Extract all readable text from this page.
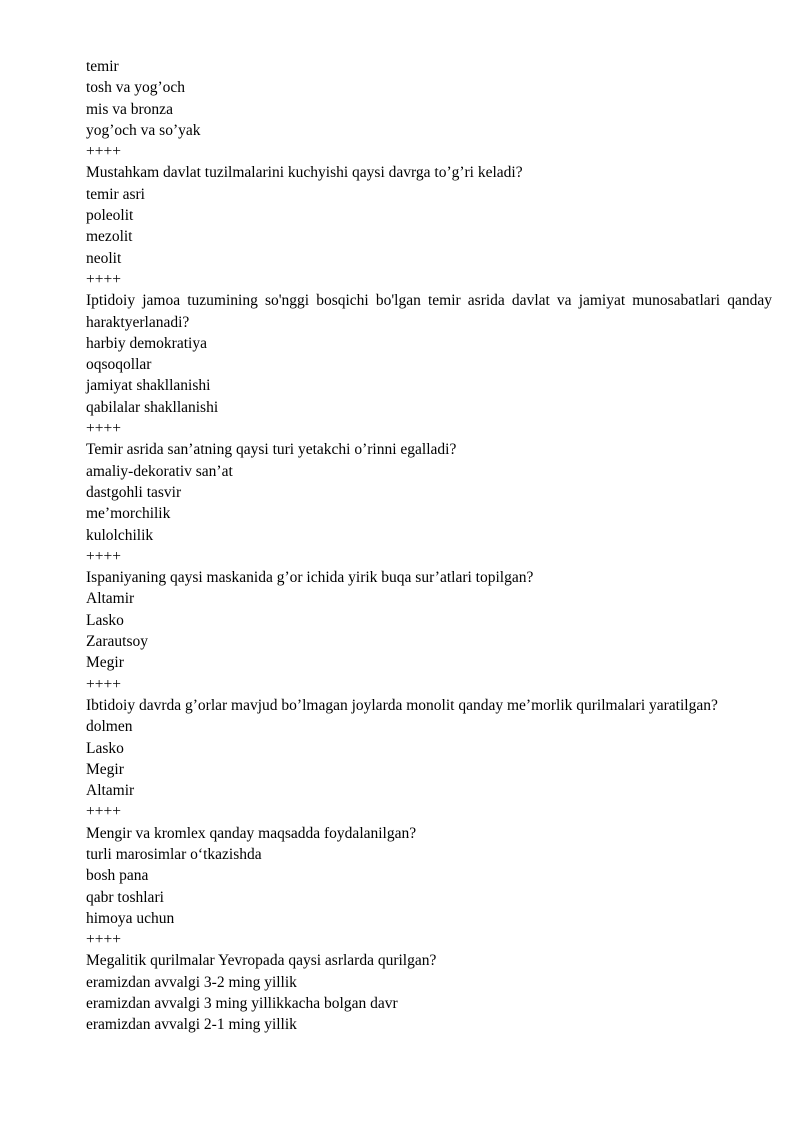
temir
tosh va yog’och
mis va bronza
yog’och va so’yak
++++
Mustahkam davlat tuzilmalarini kuchyishi qaysi davrga to’g’ri keladi?
temir asri
poleolit
mezolit
neolit
++++
Iptidoiy jamoa tuzumining so'nggi bosqichi bo'lgan temir asrida davlat va jamiyat munosabatlari qanday haraktyerlanadi?
harbiy demokratiya
oqsoqollar
jamiyat shakllanishi
qabilalar shakllanishi
++++
Temir asrida san’atning qaysi turi yetakchi o’rinni egalladi?
amaliy-dekorativ san’at
dastgohli tasvir
me’morchilik
kulolchilik
++++
Ispaniyaning qaysi maskanida g’or ichida yirik buqa sur’atlari topilgan?
Altamir
Lasko
Zarautsoy
Megir
++++
Ibtidoiy davrda g’orlar mavjud bo’lmagan joylarda monolit qanday me’morlik qurilmalari yaratilgan?
dolmen
Lasko
Megir
Altamir
++++
Mengir va kromlex qanday maqsadda foydalanilgan?
turli marosimlar o‘tkazishda
bosh pana
qabr toshlari
himoya uchun
++++
Megalitik qurilmalar Yevropada qaysi asrlarda qurilgan?
eramizdan avvalgi 3-2 ming yillik
eramizdan avvalgi 3 ming yillikkacha bolgan davr
eramizdan avvalgi 2-1 ming yillik
